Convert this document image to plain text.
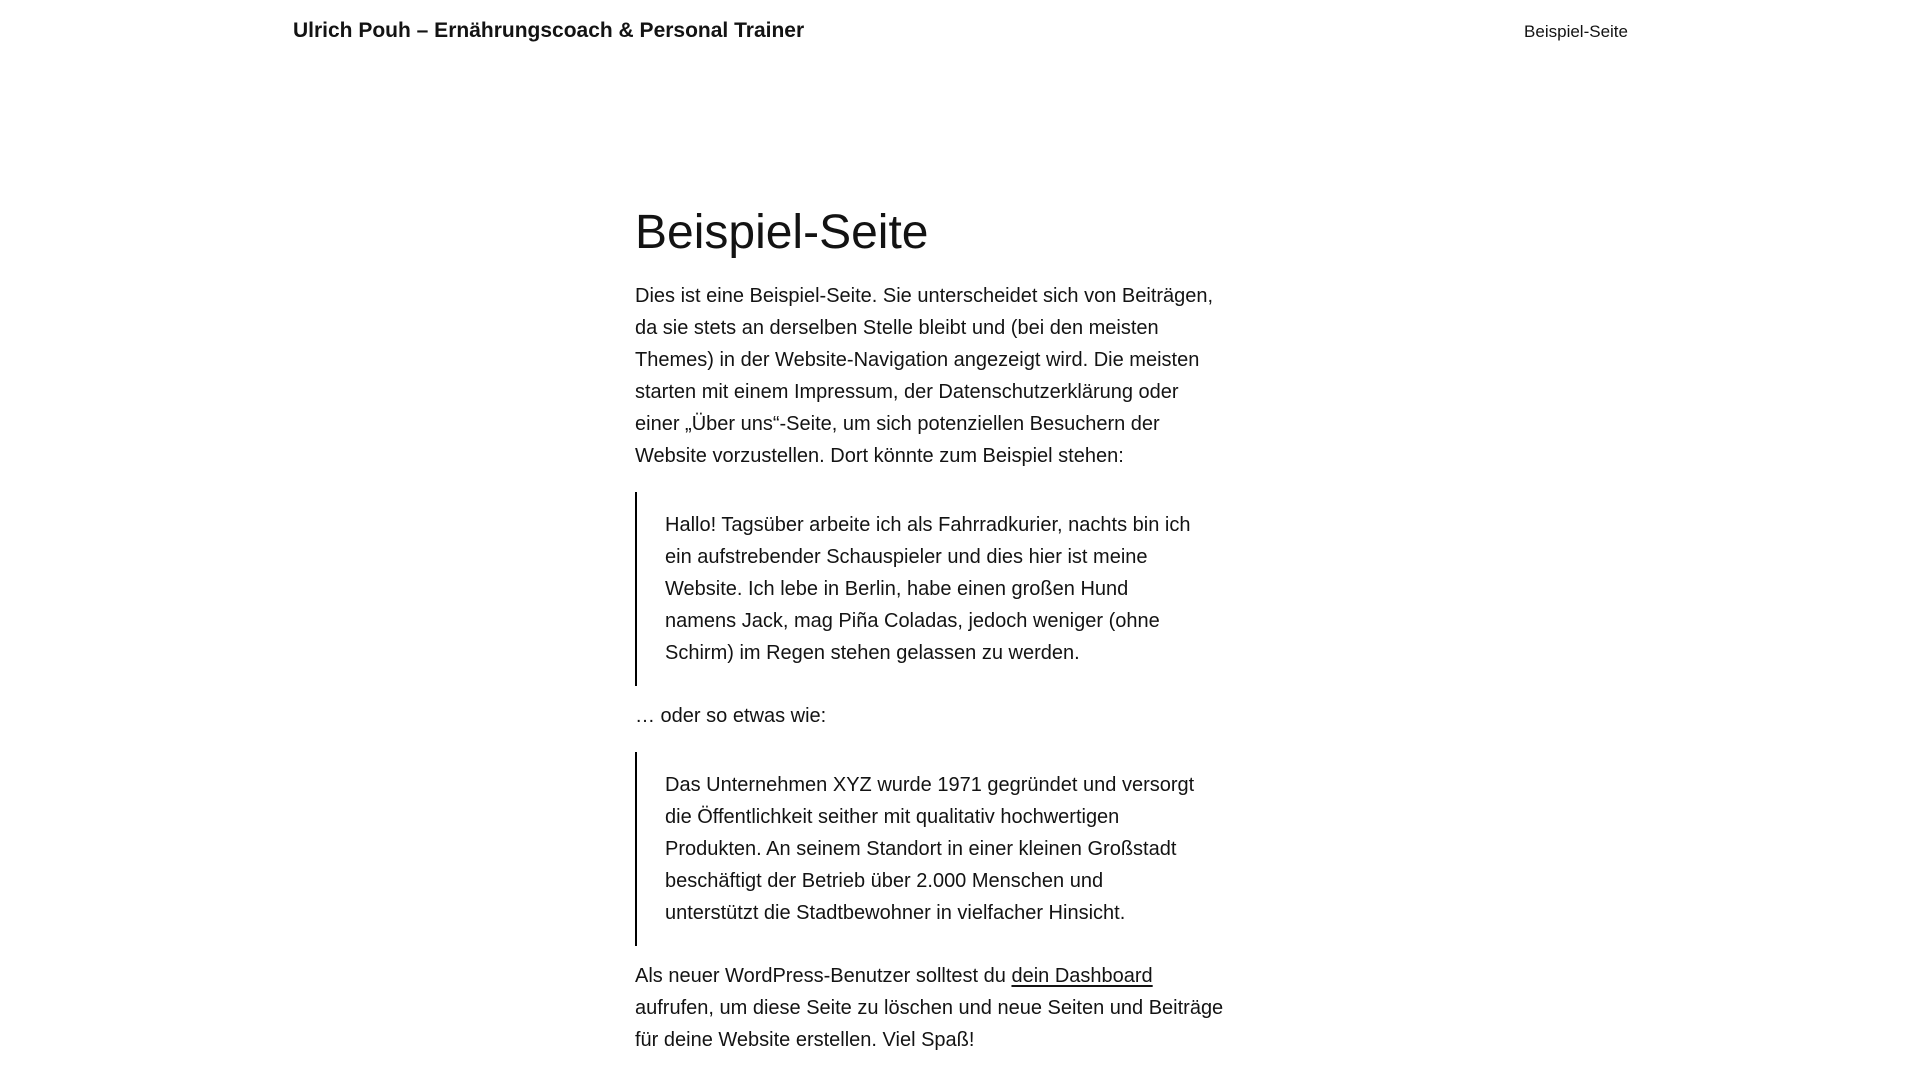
Ulrich Pouh – Ernährungscoach & Personal Trainer	Beispiel-Seite
Beispiel-Seite
Dies ist eine Beispiel-Seite. Sie unterscheidet sich von Beiträgen,
da sie stets an derselben Stelle bleibt und (bei den meisten
Themes) in der Website-Navigation angezeigt wird. Die meisten
starten mit einem Impressum, der Datenschutzerklärung oder
einer „Über uns“-Seite, um sich potenziellen Besuchern der
Website vorzustellen. Dort könnte zum Beispiel stehen:
Hallo! Tagsüber arbeite ich als Fahrradkurier, nachts bin ich
ein aufstrebender Schauspieler und dies hier ist meine
Website. Ich lebe in Berlin, habe einen großen Hund
namens Jack, mag Piña Coladas, jedoch weniger (ohne
Schirm) im Regen stehen gelassen zu werden.
… oder so etwas wie:
Das Unternehmen XYZ wurde 1971 gegründet und versorgt
die Öffentlichkeit seither mit qualitativ hochwertigen
Produkten. An seinem Standort in einer kleinen Großstadt
beschäftigt der Betrieb über 2.000 Menschen und
unterstützt die Stadtbewohner in vielfacher Hinsicht.
Als neuer WordPress-Benutzer solltest du dein Dashboard
aufrufen, um diese Seite zu löschen und neue Seiten und Beiträge
für deine Website erstellen. Viel Spaß!
